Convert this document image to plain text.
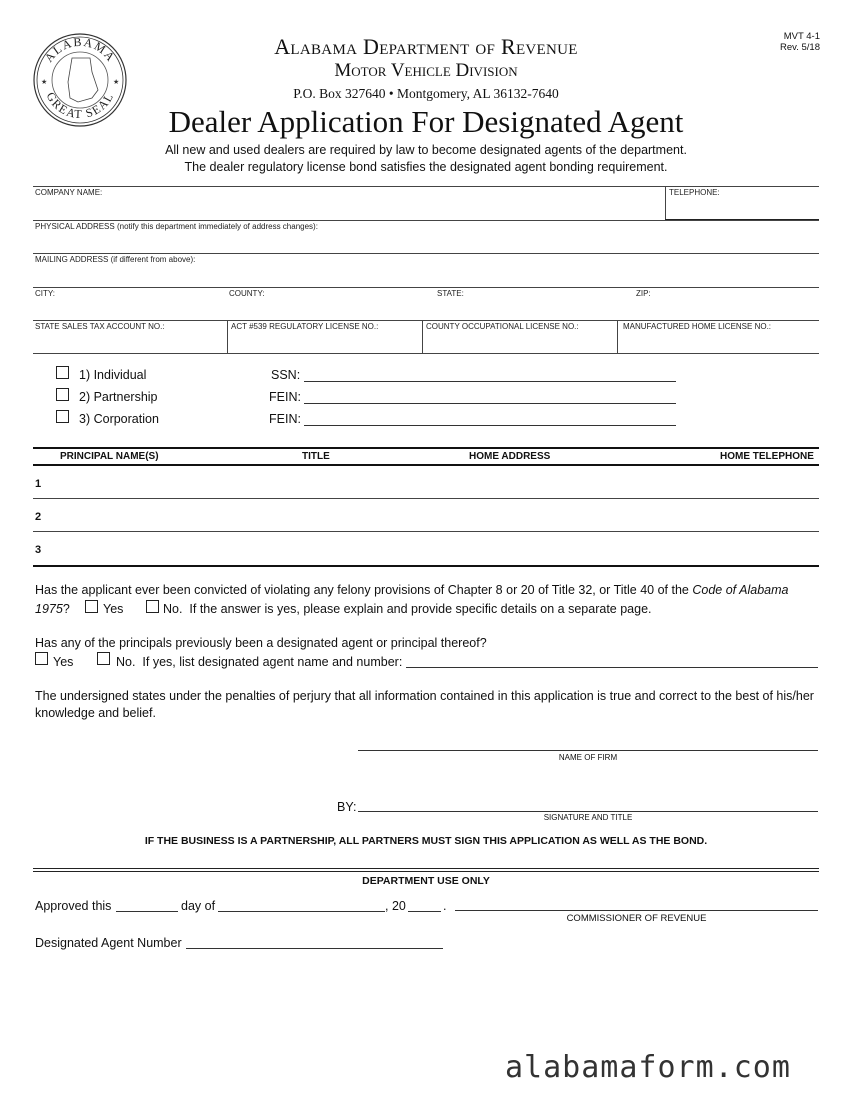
ALABAMA
GREAT SEAL
★	★
Alabama Department of Revenue
Motor Vehicle Division
P.O. Box 327640 • Montgomery, AL 36132-7640
MVT 4-1
Rev. 5/18
Dealer Application For Designated Agent
All new and used dealers are required by law to become designated agents of the department.
The dealer regulatory license bond satisfies the designated agent bonding requirement.
COMPANY NAME:	TELEPHONE:
PHYSICAL ADDRESS (notify this department immediately of address changes):
MAILING ADDRESS (if different from above):
CITY:	COUNTY:	STATE:	ZIP:
STATE SALES TAX ACCOUNT NO.:	ACT #539 REGULATORY LICENSE NO.:	COUNTY OCCUPATIONAL LICENSE NO.:	MANUFACTURED HOME LICENSE NO.:
1) Individual	SSN:
2) Partnership	FEIN:
3) Corporation	FEIN:
PRINCIPAL NAME(S)	TITLE	HOME ADDRESS	HOME TELEPHONE
1
2
3
Has the applicant ever been convicted of violating any felony provisions of Chapter 8 or 20 of Title 32, or Title 40 of the Code of Alabama
1975?	Yes	No. If the answer is yes, please explain and provide specific details on a separate page.
Has any of the principals previously been a designated agent or principal thereof?
Yes	No. If yes, list designated agent name and number:
The undersigned states under the penalties of perjury that all information contained in this application is true and correct to the best of his/her
knowledge and belief.
NAME OF FIRM
BY:
SIGNATURE AND TITLE
IF THE BUSINESS IS A PARTNERSHIP, ALL PARTNERS MUST SIGN THIS APPLICATION AS WELL AS THE BOND.
DEPARTMENT USE ONLY
Approved this	day of	, 20	.
COMMISSIONER OF REVENUE
Designated Agent Number
alabamaform.com
